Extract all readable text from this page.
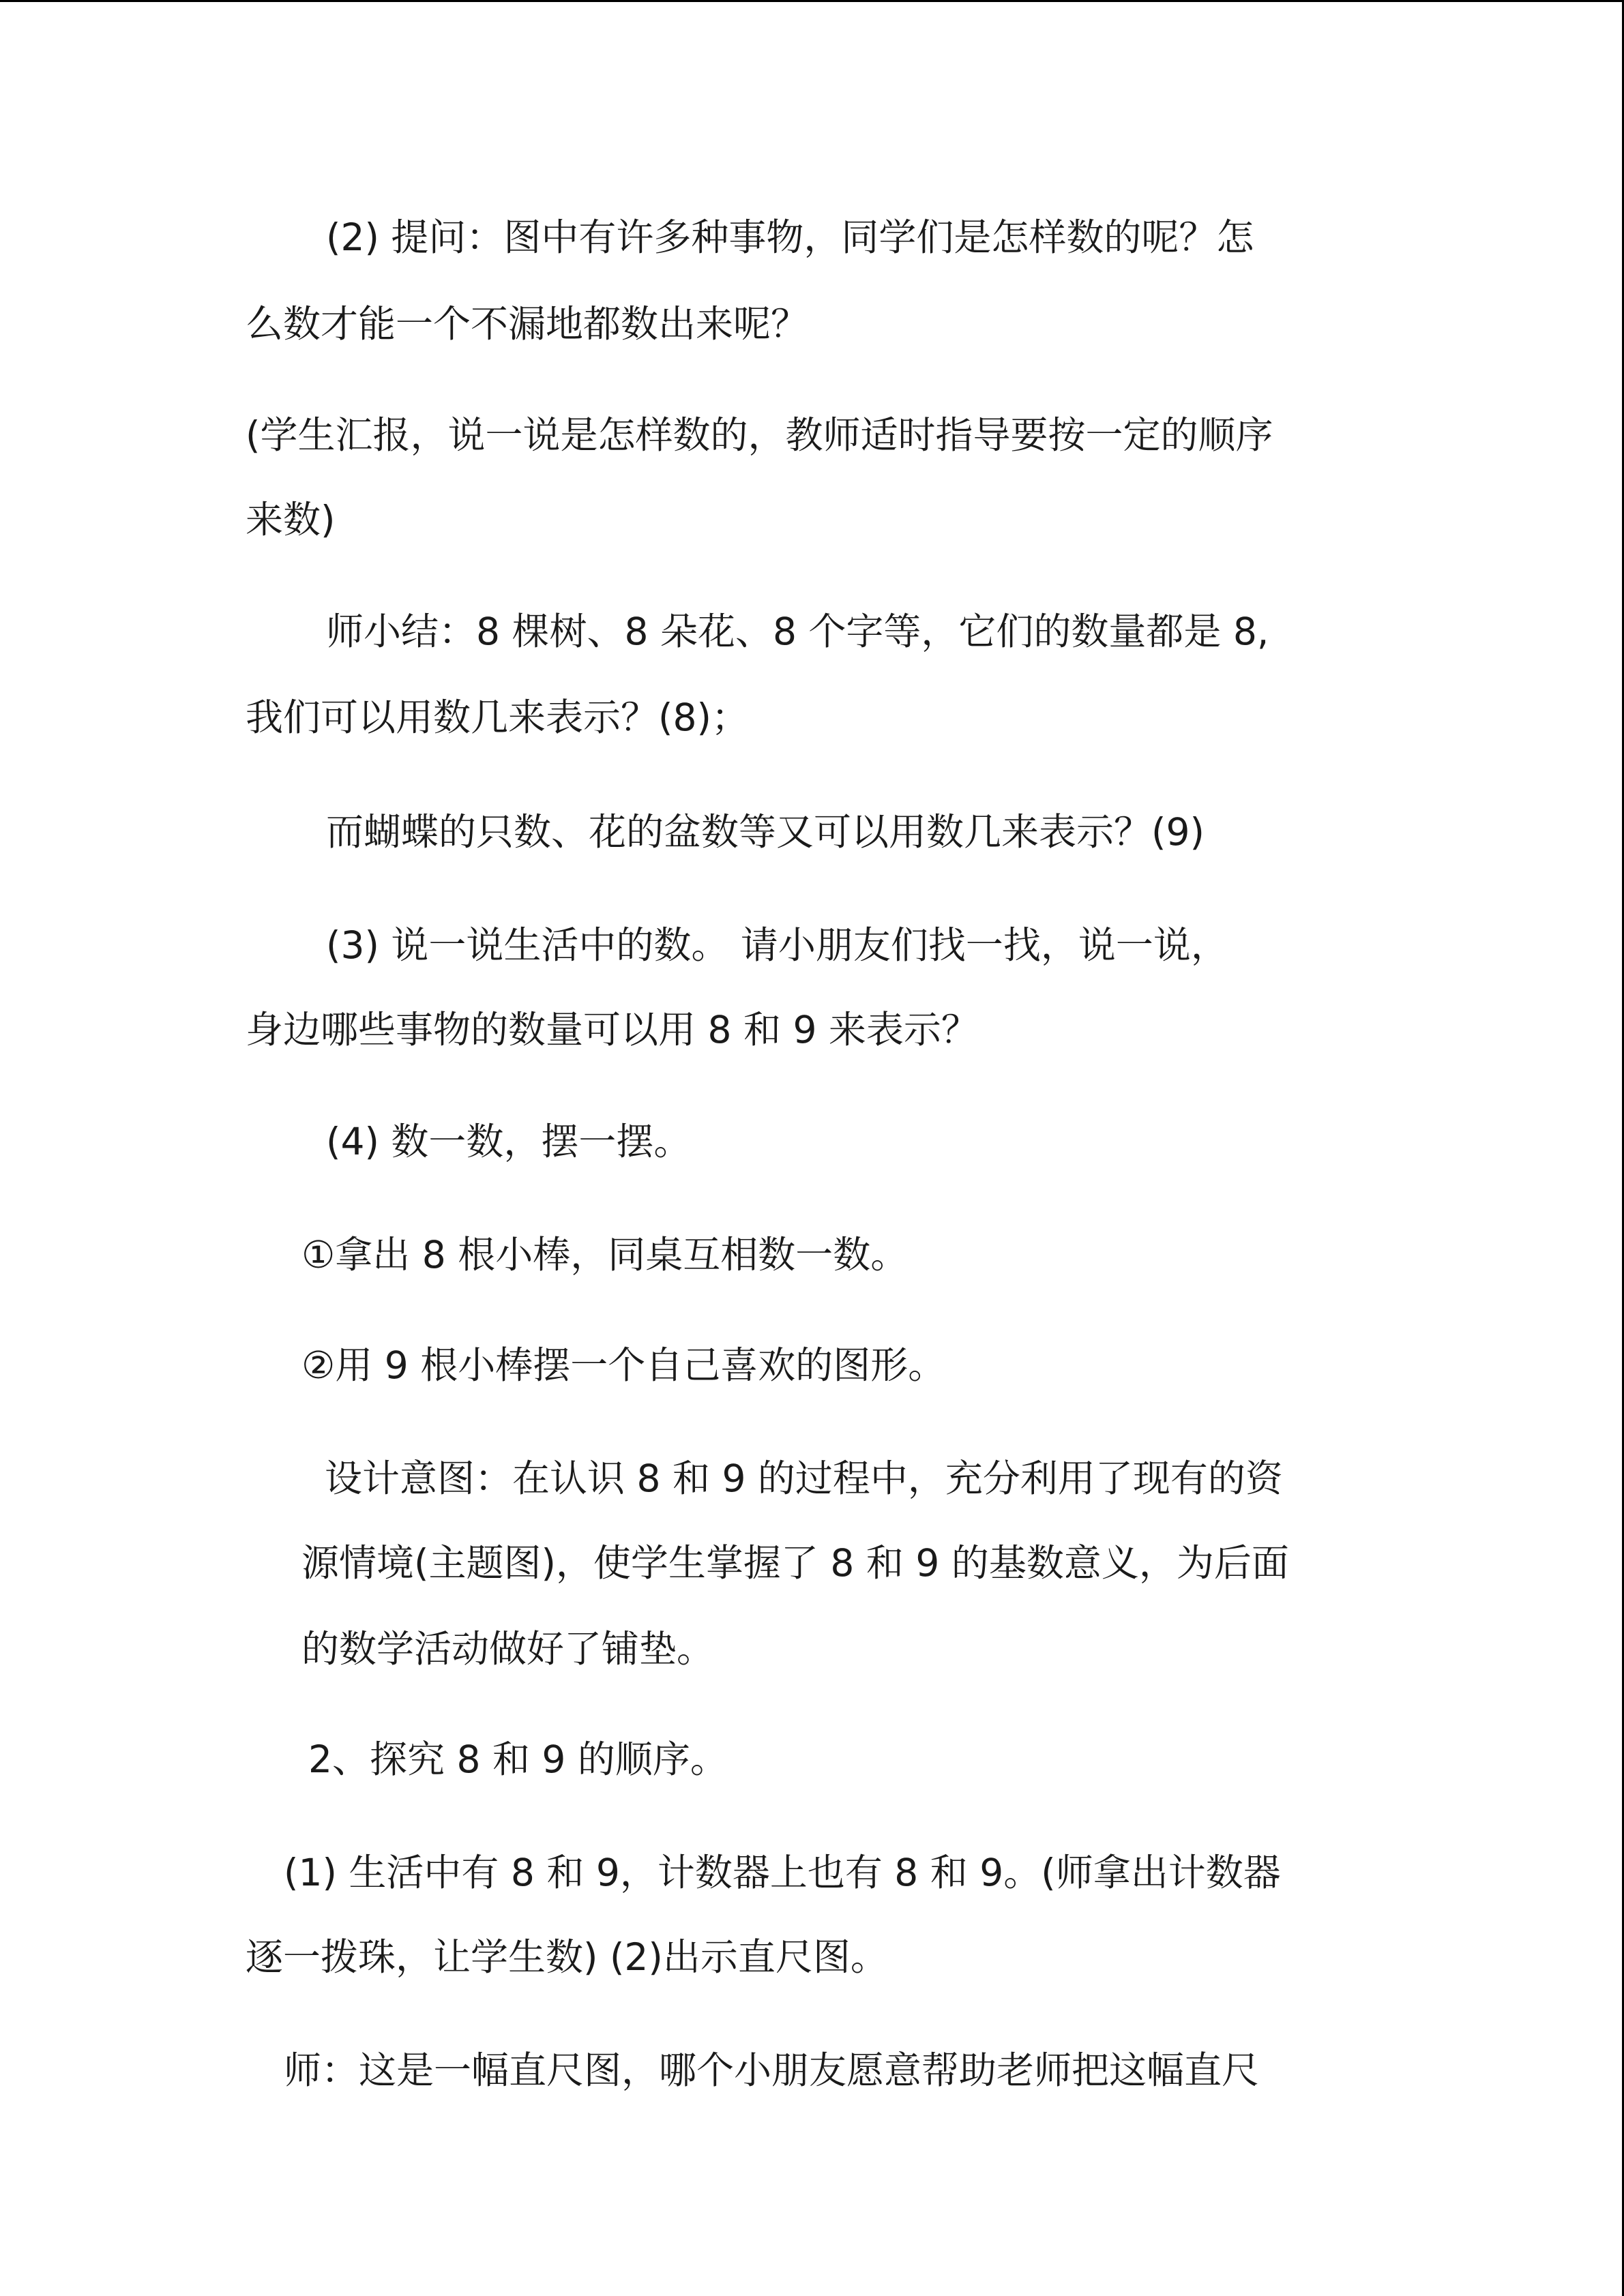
(2) 提问：图中有许多种事物，同学们是怎样数的呢？怎
么数才能一个不漏地都数出来呢？
(学生汇报，说一说是怎样数的，教师适时指导要按一定的顺序
来数)
师小结：8 棵树、8 朵花、8 个字等，它们的数量都是 8,
我们可以用数几来表示？(8)；
而蝴蝶的只数、花的盆数等又可以用数几来表示？(9)
(3) 说一说生活中的数。 请小朋友们找一找，说一说，
身边哪些事物的数量可以用 8 和 9 来表示？
(4) 数一数，摆一摆。
①拿出 8 根小棒，同桌互相数一数。
②用 9 根小棒摆一个自己喜欢的图形。
设计意图：在认识 8 和 9 的过程中，充分利用了现有的资
源情境(主题图)，使学生掌握了 8 和 9 的基数意义，为后面
的数学活动做好了铺垫。
2、探究 8 和 9 的顺序。
(1) 生活中有 8 和 9，计数器上也有 8 和 9。(师拿出计数器
逐一拨珠，让学生数) (2)出示直尺图。
师：这是一幅直尺图，哪个小朋友愿意帮助老师把这幅直尺
